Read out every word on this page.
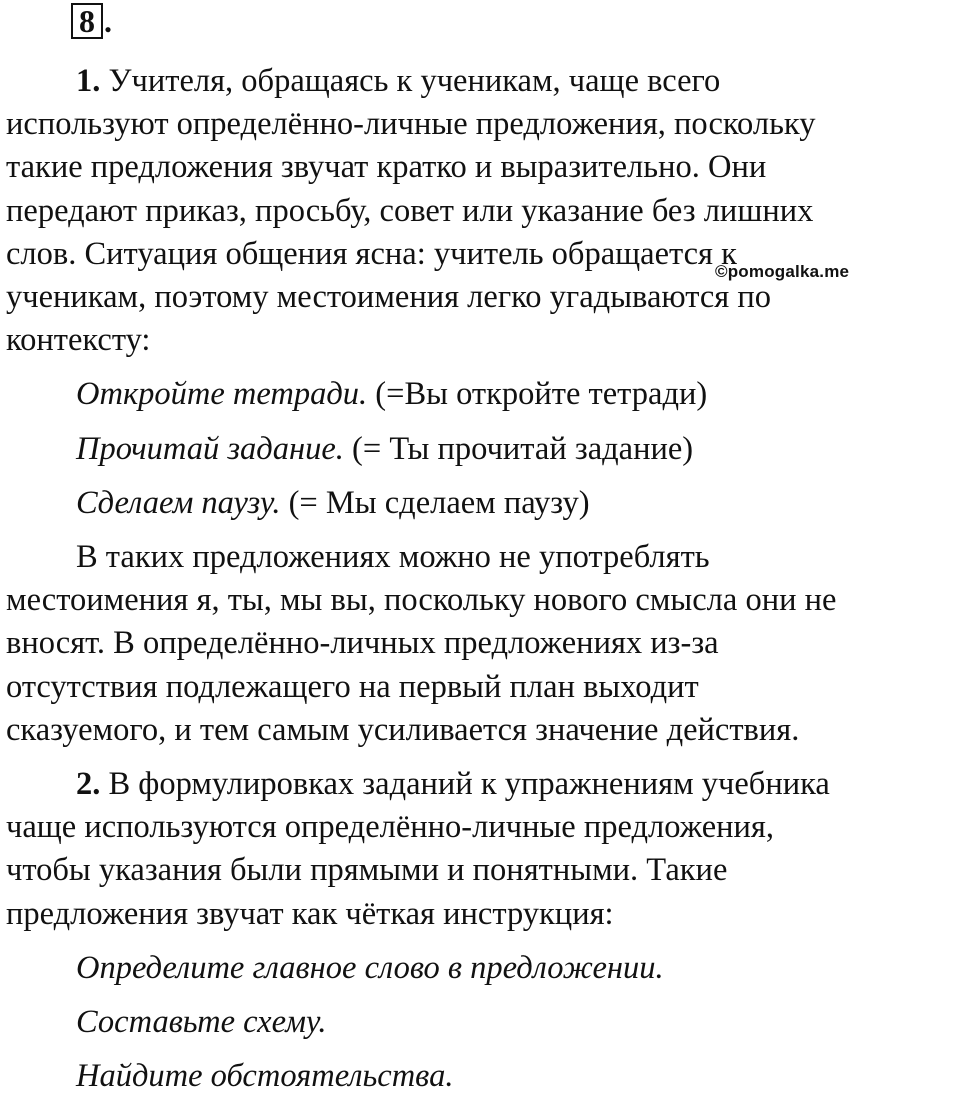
8 .
©pomogalka.me
1. Учителя, обращаясь к ученикам, чаще всего
используют определённо-личные предложения, поскольку
такие предложения звучат кратко и выразительно. Они
передают приказ, просьбу, совет или указание без лишних
слов. Ситуация общения ясна: учитель обращается к
ученикам, поэтому местоимения легко угадываются по
контексту:

Откройте тетради. (=Вы откройте тетради)

Прочитай задание. (= Ты прочитай задание)

Сделаем паузу. (= Мы сделаем паузу)

В таких предложениях можно не употреблять
местоимения я, ты, мы вы, поскольку нового смысла они не
вносят. В определённо-личных предложениях из-за
отсутствия подлежащего на первый план выходит
сказуемого, и тем самым усиливается значение действия.
2. В формулировках заданий к упражнениям учебника
чаще используются определённо-личные предложения,
чтобы указания были прямыми и понятными. Такие
предложения звучат как чёткая инструкция:

Определите главное слово в предложении.

Составьте схему.

Найдите обстоятельства.
